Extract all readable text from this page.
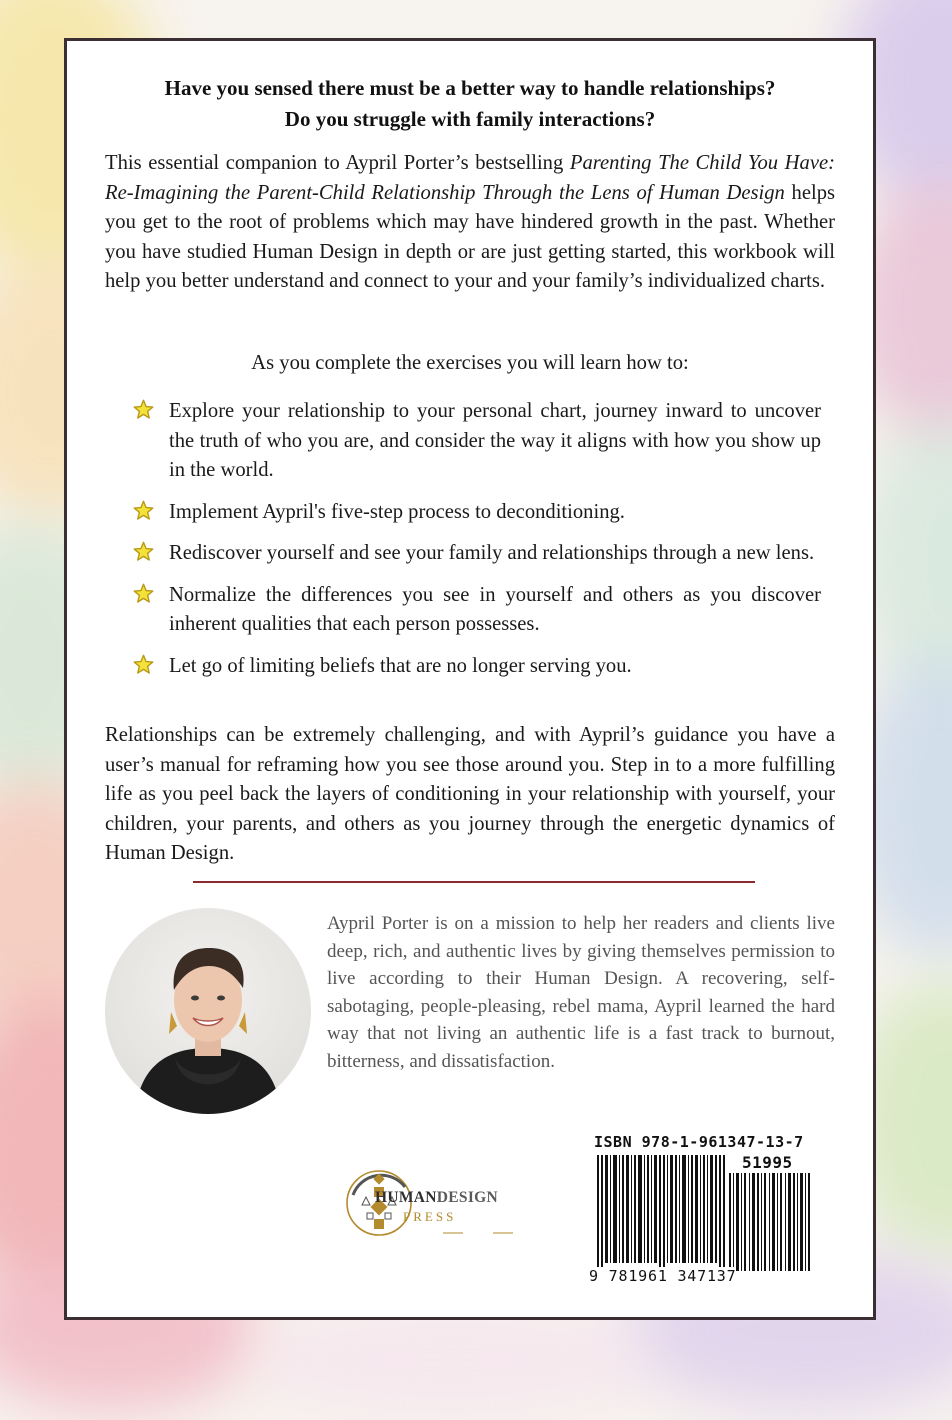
Have you sensed there must be a better way to handle relationships?
Do you struggle with family interactions?
This essential companion to Aypril Porter’s bestselling Parenting The Child You Have: Re-Imagining the Parent-Child Relationship Through the Lens of Human Design helps you get to the root of problems which may have hindered growth in the past. Whether you have studied Human Design in depth or are just getting started, this workbook will help you better understand and connect to your and your family’s individualized charts.
As you complete the exercises you will learn how to:
Explore your relationship to your personal chart, journey inward to uncover the truth of who you are, and consider the way it aligns with how you show up in the world.
Implement Aypril's five-step process to deconditioning.
Rediscover yourself and see your family and relationships through a new lens.
Normalize the differences you see in yourself and others as you discover inherent qualities that each person possesses.
Let go of limiting beliefs that are no longer serving you.
Relationships can be extremely challenging, and with Aypril’s guidance you have a user’s manual for reframing how you see those around you. Step in to a more fulfilling life as you peel back the layers of conditioning in your relationship with yourself, your children, your parents, and others as you journey through the energetic dynamics of Human Design.
Aypril Porter is on a mission to help her readers and clients live deep, rich, and authentic lives by giving themselves permission to live according to their Human Design. A recovering, self-sabotaging, people-pleasing, rebel mama, Aypril learned the hard way that not living an authentic life is a fast track to burnout, bitterness, and dissatisfaction.
HUMANDESIGN
PRESS
ISBN 978-1-961347-13-7
51995
9 781961 347137
